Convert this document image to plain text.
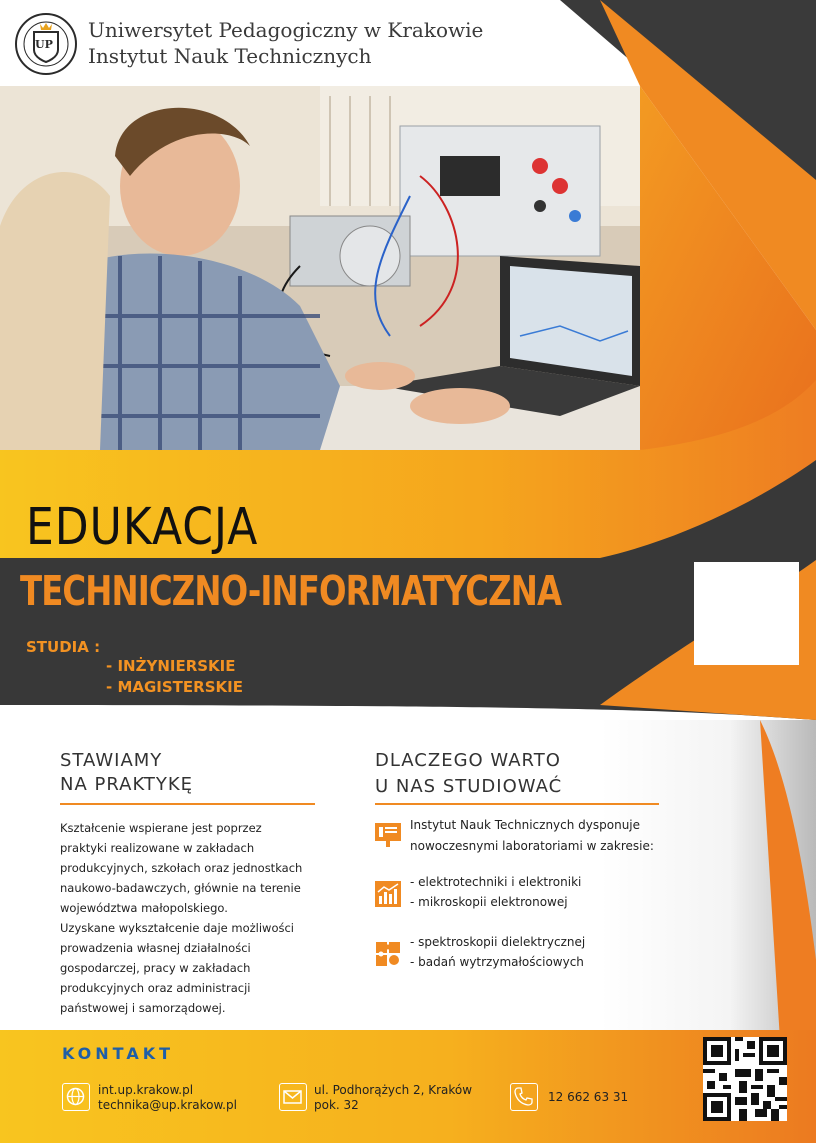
UP
Uniwersytet Pedagogiczny w Krakowie
Instytut Nauk Technicznych
EDUKACJA
TECHNICZNO-INFORMATYCZNA
STUDIA :
- INŻYNIERSKIE
- MAGISTERSKIE
STAWIAMY
NA PRAKTYKĘ
Kształcenie wspierane jest poprzez
praktyki realizowane w zakładach
produkcyjnych, szkołach oraz jednostkach
naukowo-badawczych, głównie na terenie
województwa małopolskiego.
Uzyskane wykształcenie daje możliwości
prowadzenia własnej działalności
gospodarczej, pracy w zakładach
produkcyjnych oraz administracji
państwowej i samorządowej.
DLACZEGO WARTO
U NAS STUDIOWAĆ
Instytut Nauk Technicznych dysponuje
nowoczesnymi laboratoriami w zakresie:
- elektrotechniki i elektroniki
- mikroskopii elektronowej
- spektroskopii dielektrycznej
- badań wytrzymałościowych
KONTAKT
int.up.krakow.pl
technika@up.krakow.pl
ul. Podhorążych 2, Kraków
pok. 32
12 662 63 31
